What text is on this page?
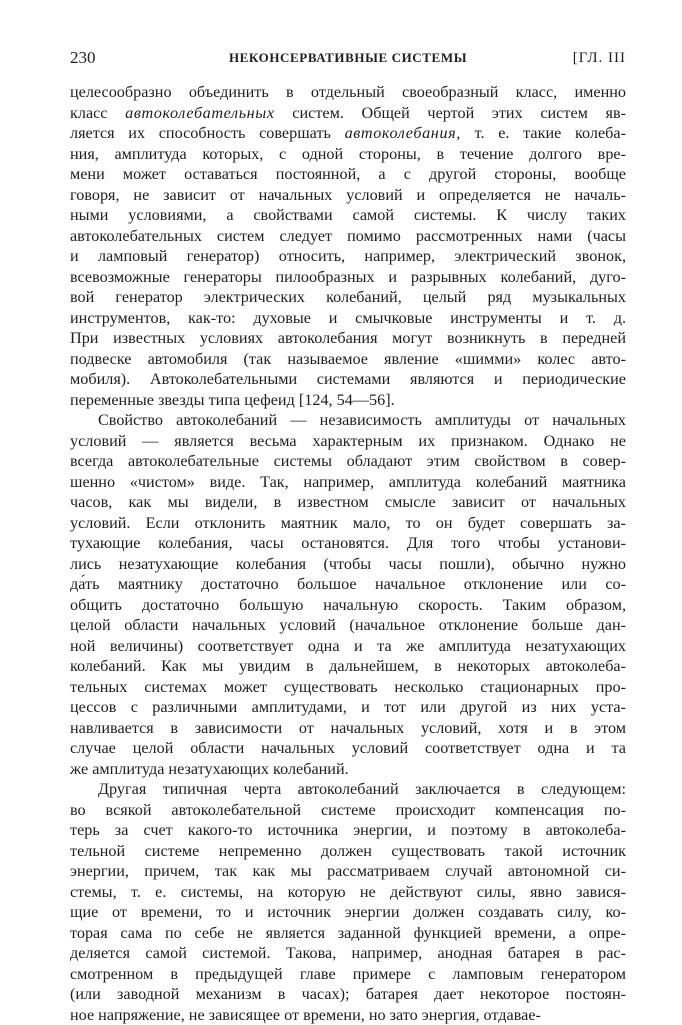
230	НЕКОНСЕРВАТИВНЫЕ СИСТЕМЫ	[ГЛ. III

целесообразно объединить в отдельный своеобразный класс, именно
класс автоколебательных систем. Общей чертой этих систем яв-
ляется их способность совершать автоколебания, т. е. такие колеба-
ния, амплитуда которых, с одной стороны, в течение долгого вре-
мени может оставаться постоянной, а с другой стороны, вообще
говоря, не зависит от начальных условий и определяется не началь-
ными условиями, а свойствами самой системы. К числу таких
автоколебательных систем следует помимо рассмотренных нами (часы
и ламповый генератор) относить, например, электрический звонок,
всевозможные генераторы пилообразных и разрывных колебаний, дуго-
вой генератор электрических колебаний, целый ряд музыкальных
инструментов, как-то: духовые и смычковые инструменты и т. д.
При известных условиях автоколебания могут возникнуть в передней
подвеске автомобиля (так называемое явление «шимми» колес авто-
мобиля). Автоколебательными системами являются и периодические
переменные звезды типа цефеид [124, 54—56].

Свойство автоколебаний — независимость амплитуды от начальных
условий — является весьма характерным их признаком. Однако не
всегда автоколебательные системы обладают этим свойством в совер-
шенно «чистом» виде. Так, например, амплитуда колебаний маятника
часов, как мы видели, в известном смысле зависит от начальных
условий. Если отклонить маятник мало, то он будет совершать за-
тухающие колебания, часы остановятся. Для того чтобы установи-
лись незатухающие колебания (чтобы часы пошли), обычно нужно
да́ть маятнику достаточно большое начальное отклонение или со-
общить достаточно большую начальную скорость. Таким образом,
целой области начальных условий (начальное отклонение больше дан-
ной величины) соответствует одна и та же амплитуда незатухающих
колебаний. Как мы увидим в дальнейшем, в некоторых автоколеба-
тельных системах может существовать несколько стационарных про-
цессов с различными амплитудами, и тот или другой из них уста-
навливается в зависимости от начальных условий, хотя и в этом
случае целой области начальных условий соответствует одна и та
же амплитуда незатухающих колебаний.

Другая типичная черта автоколебаний заключается в следующем:
во всякой автоколебательной системе происходит компенсация по-
терь за счет какого-то источника энергии, и поэтому в автоколеба-
тельной системе непременно должен существовать такой источник
энергии, причем, так как мы рассматриваем случай автономной си-
стемы, т. е. системы, на которую не действуют силы, явно завися-
щие от времени, то и источник энергии должен создавать силу, ко-
торая сама по себе не является заданной функцией времени, а опре-
деляется самой системой. Такова, например, анодная батарея в рас-
смотренном в предыдущей главе примере с ламповым генератором
(или заводной механизм в часах); батарея дает некоторое постоян-
ное напряжение, не зависящее от времени, но зато энергия, отдавае-
